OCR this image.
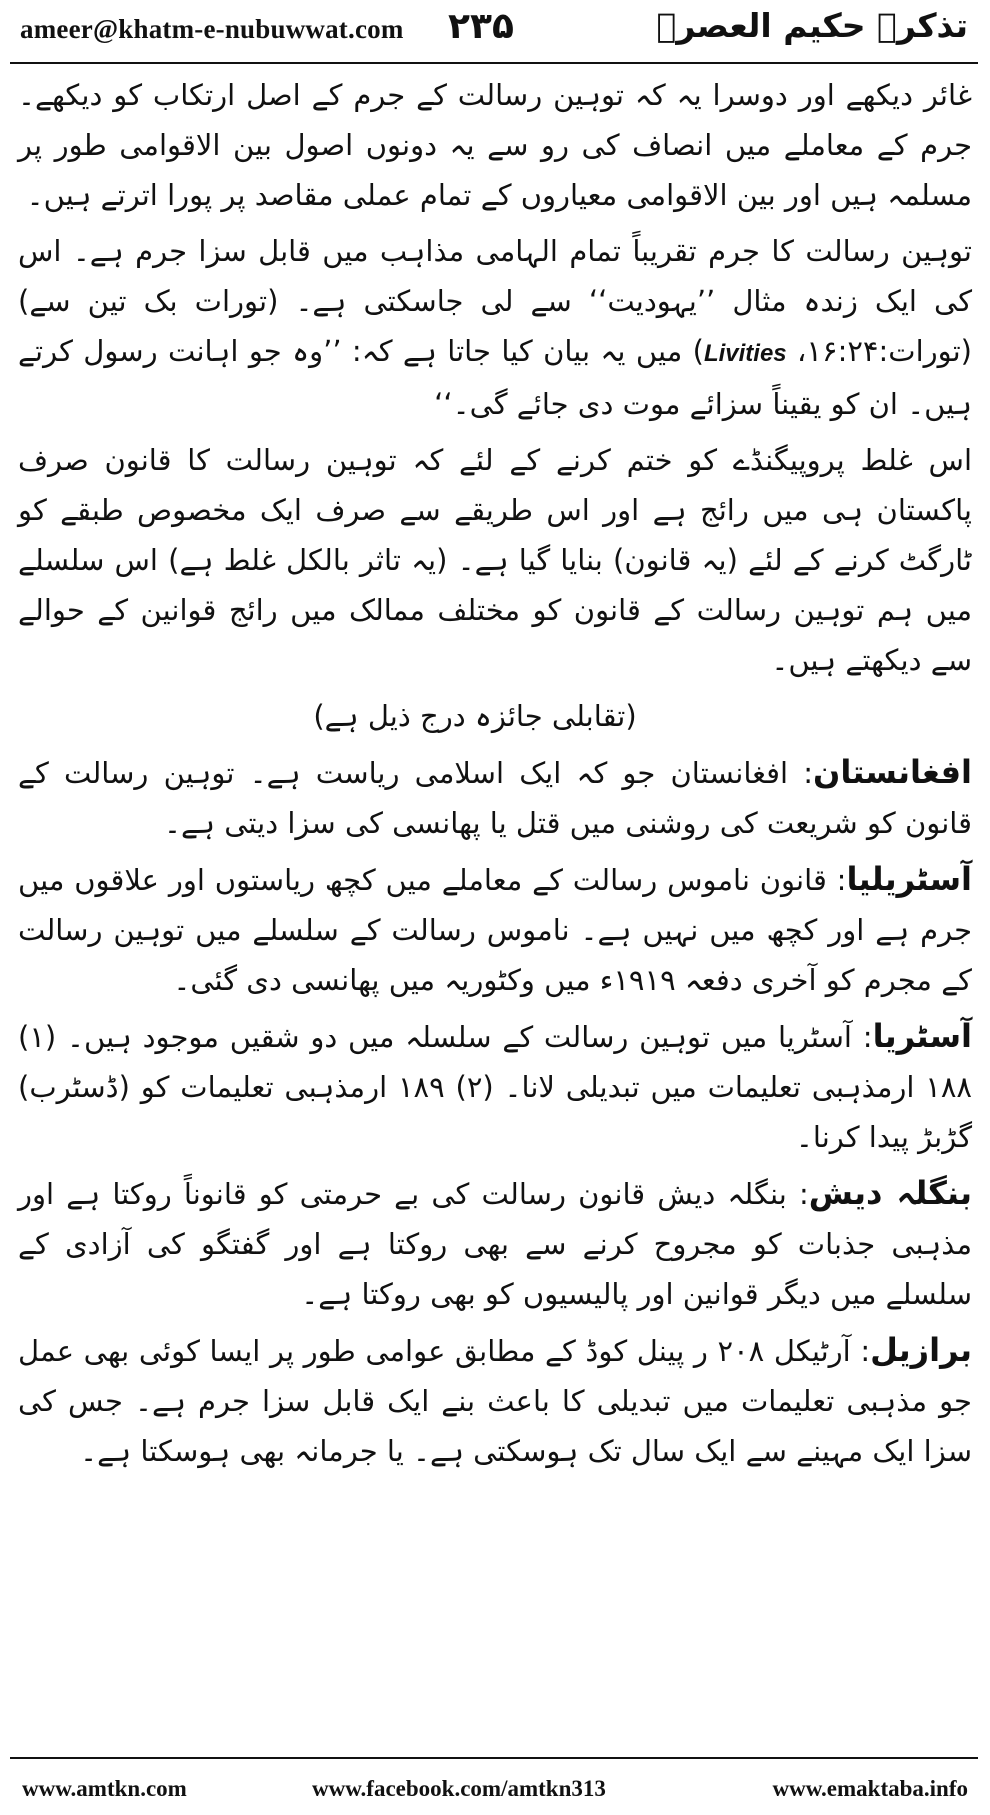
ameer@khatm-e-nubuwwat.com ۲۳۵	تذکرہ حکیم العصرؒ

غائر دیکھے اور دوسرا یہ کہ توہین رسالت کے جرم کے اصل ارتکاب کو دیکھے۔ جرم کے معاملے میں انصاف کی رو سے یہ دونوں اصول بین الاقوامی طور پر مسلمہ ہیں اور بین الاقوامی معیاروں کے تمام عملی مقاصد پر پورا اترتے ہیں۔

توہین رسالت کا جرم تقریباً تمام الہامی مذاہب میں قابل سزا جرم ہے۔ اس کی ایک زندہ مثال ’’یہودیت‘‘ سے لی جاسکتی ہے۔ (تورات بک تین سے) (تورات:۱۶:۲۴، Livities) میں یہ بیان کیا جاتا ہے کہ: ’’وہ جو اہانت رسول کرتے ہیں۔ ان کو یقیناً سزائے موت دی جائے گی۔‘‘

اس غلط پروپیگنڈے کو ختم کرنے کے لئے کہ توہین رسالت کا قانون صرف پاکستان ہی میں رائج ہے اور اس طریقے سے صرف ایک مخصوص طبقے کو ٹارگٹ کرنے کے لئے (یہ قانون) بنایا گیا ہے۔ (یہ تاثر بالکل غلط ہے) اس سلسلے میں ہم توہین رسالت کے قانون کو مختلف ممالک میں رائج قوانین کے حوالے سے دیکھتے ہیں۔

(تقابلی جائزہ درج ذیل ہے)

افغانستان: افغانستان جو کہ ایک اسلامی ریاست ہے۔ توہین رسالت کے قانون کو شریعت کی روشنی میں قتل یا پھانسی کی سزا دیتی ہے۔

آسٹریلیا: قانون ناموس رسالت کے معاملے میں کچھ ریاستوں اور علاقوں میں جرم ہے اور کچھ میں نہیں ہے۔ ناموس رسالت کے سلسلے میں توہین رسالت کے مجرم کو آخری دفعہ ۱۹۱۹ء میں وکٹوریہ میں پھانسی دی گئی۔

آسٹریا: آسٹریا میں توہین رسالت کے سلسلہ میں دو شقیں موجود ہیں۔ (۱) ۱۸۸ ارمذہبی تعلیمات میں تبدیلی لانا۔ (۲) ۱۸۹ ارمذہبی تعلیمات کو (ڈسٹرب) گڑبڑ پیدا کرنا۔

بنگلہ دیش: بنگلہ دیش قانون رسالت کی بے حرمتی کو قانوناً روکتا ہے اور مذہبی جذبات کو مجروح کرنے سے بھی روکتا ہے اور گفتگو کی آزادی کے سلسلے میں دیگر قوانین اور پالیسیوں کو بھی روکتا ہے۔

برازیل: آرٹیکل ۲۰۸ ر پینل کوڈ کے مطابق عوامی طور پر ایسا کوئی بھی عمل جو مذہبی تعلیمات میں تبدیلی کا باعث بنے ایک قابل سزا جرم ہے۔ جس کی سزا ایک مہینے سے ایک سال تک ہوسکتی ہے۔ یا جرمانہ بھی ہوسکتا ہے۔

www.amtkn.com	www.facebook.com/amtkn313	www.emaktaba.info
